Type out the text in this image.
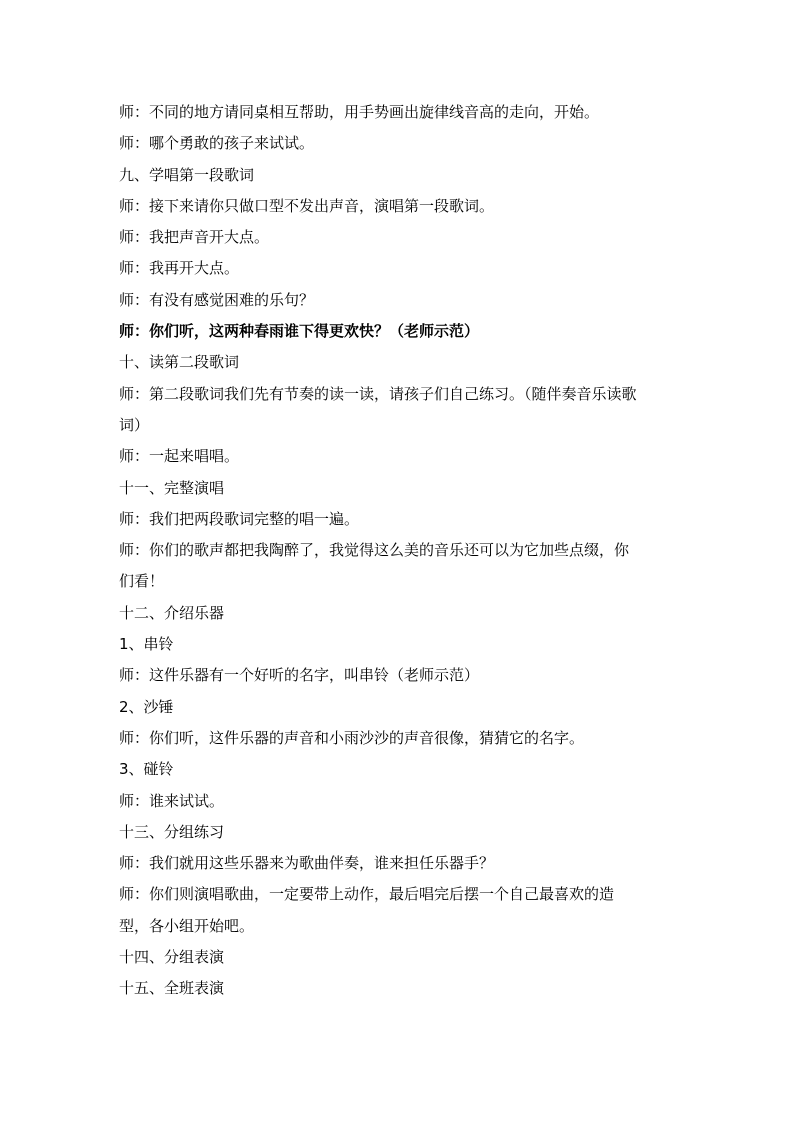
师：不同的地方请同桌相互帮助，用手势画出旋律线音高的走向，开始。
师：哪个勇敢的孩子来试试。
九、学唱第一段歌词
师：接下来请你只做口型不发出声音，演唱第一段歌词。
师：我把声音开大点。
师：我再开大点。
师：有没有感觉困难的乐句？
师：你们听，这两种春雨谁下得更欢快？（老师示范）
十、读第二段歌词
师：第二段歌词我们先有节奏的读一读，请孩子们自己练习。（随伴奏音乐读歌
词）
师：一起来唱唱。
十一、完整演唱
师：我们把两段歌词完整的唱一遍。
师：你们的歌声都把我陶醉了，我觉得这么美的音乐还可以为它加些点缀，你
们看！
十二、介绍乐器
1、串铃
师：这件乐器有一个好听的名字，叫串铃（老师示范）
2、沙锤
师：你们听，这件乐器的声音和小雨沙沙的声音很像，猜猜它的名字。
3、碰铃
师：谁来试试。
十三、分组练习
师：我们就用这些乐器来为歌曲伴奏，谁来担任乐器手？
师：你们则演唱歌曲，一定要带上动作，最后唱完后摆一个自己最喜欢的造
型，各小组开始吧。
十四、分组表演
十五、全班表演
